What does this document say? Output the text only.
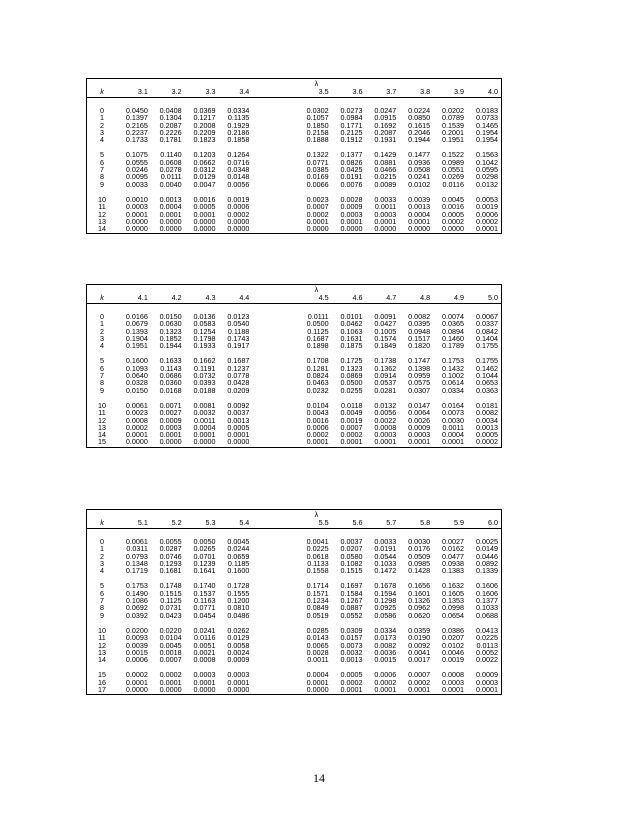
					λ					
k	3.1	3.2	3.3	3.4	3.5	3.6	3.7	3.8	3.9	4.0

0	0.0450	0.0408	0.0369	0.0334	0.0302	0.0273	0.0247	0.0224	0.0202	0.0183
1	0.1397	0.1304	0.1217	0.1135	0.1057	0.0984	0.0915	0.0850	0.0789	0.0733
2	0.2165	0.2087	0.2008	0.1929	0.1850	0.1771	0.1692	0.1615	0.1539	0.1465
3	0.2237	0.2226	0.2209	0.2186	0.2158	0.2125	0.2087	0.2046	0.2001	0.1954
4	0.1733	0.1781	0.1823	0.1858	0.1888	0.1912	0.1931	0.1944	0.1951	0.1954

5	0.1075	0.1140	0.1203	0.1264	0.1322	0.1377	0.1429	0.1477	0.1522	0.1563
6	0.0555	0.0608	0.0662	0.0716	0.0771	0.0826	0.0881	0.0936	0.0989	0.1042
7	0.0246	0.0278	0.0312	0.0348	0.0385	0.0425	0.0466	0.0508	0.0551	0.0595
8	0.0095	0.0111	0.0129	0.0148	0.0169	0.0191	0.0215	0.0241	0.0269	0.0298
9	0.0033	0.0040	0.0047	0.0056	0.0066	0.0076	0.0089	0.0102	0.0116	0.0132

10	0.0010	0.0013	0.0016	0.0019	0.0023	0.0028	0.0033	0.0039	0.0045	0.0053
11	0.0003	0.0004	0.0005	0.0006	0.0007	0.0009	0.0011	0.0013	0.0016	0.0019
12	0.0001	0.0001	0.0001	0.0002	0.0002	0.0003	0.0003	0.0004	0.0005	0.0006
13	0.0000	0.0000	0.0000	0.0000	0.0001	0.0001	0.0001	0.0001	0.0002	0.0002
14	0.0000	0.0000	0.0000	0.0000	0.0000	0.0000	0.0000	0.0000	0.0000	0.0001

					λ					
k	4.1	4.2	4.3	4.4	4.5	4.6	4.7	4.8	4.9	5.0

0	0.0166	0.0150	0.0136	0.0123	0.0111	0.0101	0.0091	0.0082	0.0074	0.0067
1	0.0679	0.0630	0.0583	0.0540	0.0500	0.0462	0.0427	0.0395	0.0365	0.0337
2	0.1393	0.1323	0.1254	0.1188	0.1125	0.1063	0.1005	0.0948	0.0894	0.0842
3	0.1904	0.1852	0.1798	0.1743	0.1687	0.1631	0.1574	0.1517	0.1460	0.1404
4	0.1951	0.1944	0.1933	0.1917	0.1898	0.1875	0.1849	0.1820	0.1789	0.1755

5	0.1600	0.1633	0.1662	0.1687	0.1708	0.1725	0.1738	0.1747	0.1753	0.1755
6	0.1093	0.1143	0.1191	0.1237	0.1281	0.1323	0.1362	0.1398	0.1432	0.1462
7	0.0640	0.0686	0.0732	0.0778	0.0824	0.0869	0.0914	0.0959	0.1002	0.1044
8	0.0328	0.0360	0.0393	0.0428	0.0463	0.0500	0.0537	0.0575	0.0614	0.0653
9	0.0150	0.0168	0.0188	0.0209	0.0232	0.0255	0.0281	0.0307	0.0334	0.0363

10	0.0061	0.0071	0.0081	0.0092	0.0104	0.0118	0.0132	0.0147	0.0164	0.0181
11	0.0023	0.0027	0.0032	0.0037	0.0043	0.0049	0.0056	0.0064	0.0073	0.0082
12	0.0008	0.0009	0.0011	0.0013	0.0016	0.0019	0.0022	0.0026	0.0030	0.0034
13	0.0002	0.0003	0.0004	0.0005	0.0006	0.0007	0.0008	0.0009	0.0011	0.0013
14	0.0001	0.0001	0.0001	0.0001	0.0002	0.0002	0.0003	0.0003	0.0004	0.0005
15	0.0000	0.0000	0.0000	0.0000	0.0001	0.0001	0.0001	0.0001	0.0001	0.0002

					λ					
k	5.1	5.2	5.3	5.4	5.5	5.6	5.7	5.8	5.9	6.0

0	0.0061	0.0055	0.0050	0.0045	0.0041	0.0037	0.0033	0.0030	0.0027	0.0025
1	0.0311	0.0287	0.0265	0.0244	0.0225	0.0207	0.0191	0.0176	0.0162	0.0149
2	0.0793	0.0746	0.0701	0.0659	0.0618	0.0580	0.0544	0.0509	0.0477	0.0446
3	0.1348	0.1293	0.1239	0.1185	0.1133	0.1082	0.1033	0.0985	0.0938	0.0892
4	0.1719	0.1681	0.1641	0.1600	0.1558	0.1515	0.1472	0.1428	0.1383	0.1339

5	0.1753	0.1748	0.1740	0.1728	0.1714	0.1697	0.1678	0.1656	0.1632	0.1606
6	0.1490	0.1515	0.1537	0.1555	0.1571	0.1584	0.1594	0.1601	0.1605	0.1606
7	0.1086	0.1125	0.1163	0.1200	0.1234	0.1267	0.1298	0.1326	0.1353	0.1377
8	0.0692	0.0731	0.0771	0.0810	0.0849	0.0887	0.0925	0.0962	0.0998	0.1033
9	0.0392	0.0423	0.0454	0.0486	0.0519	0.0552	0.0586	0.0620	0.0654	0.0688

10	0.0200	0.0220	0.0241	0.0262	0.0285	0.0309	0.0334	0.0359	0.0386	0.0413
11	0.0093	0.0104	0.0116	0.0129	0.0143	0.0157	0.0173	0.0190	0.0207	0.0225
12	0.0039	0.0045	0.0051	0.0058	0.0065	0.0073	0.0082	0.0092	0.0102	0.0113
13	0.0015	0.0018	0.0021	0.0024	0.0028	0.0032	0.0036	0.0041	0.0046	0.0052
14	0.0006	0.0007	0.0008	0.0009	0.0011	0.0013	0.0015	0.0017	0.0019	0.0022

15	0.0002	0.0002	0.0003	0.0003	0.0004	0.0005	0.0006	0.0007	0.0008	0.0009
16	0.0001	0.0001	0.0001	0.0001	0.0001	0.0002	0.0002	0.0002	0.0003	0.0003
17	0.0000	0.0000	0.0000	0.0000	0.0000	0.0001	0.0001	0.0001	0.0001	0.0001

14
